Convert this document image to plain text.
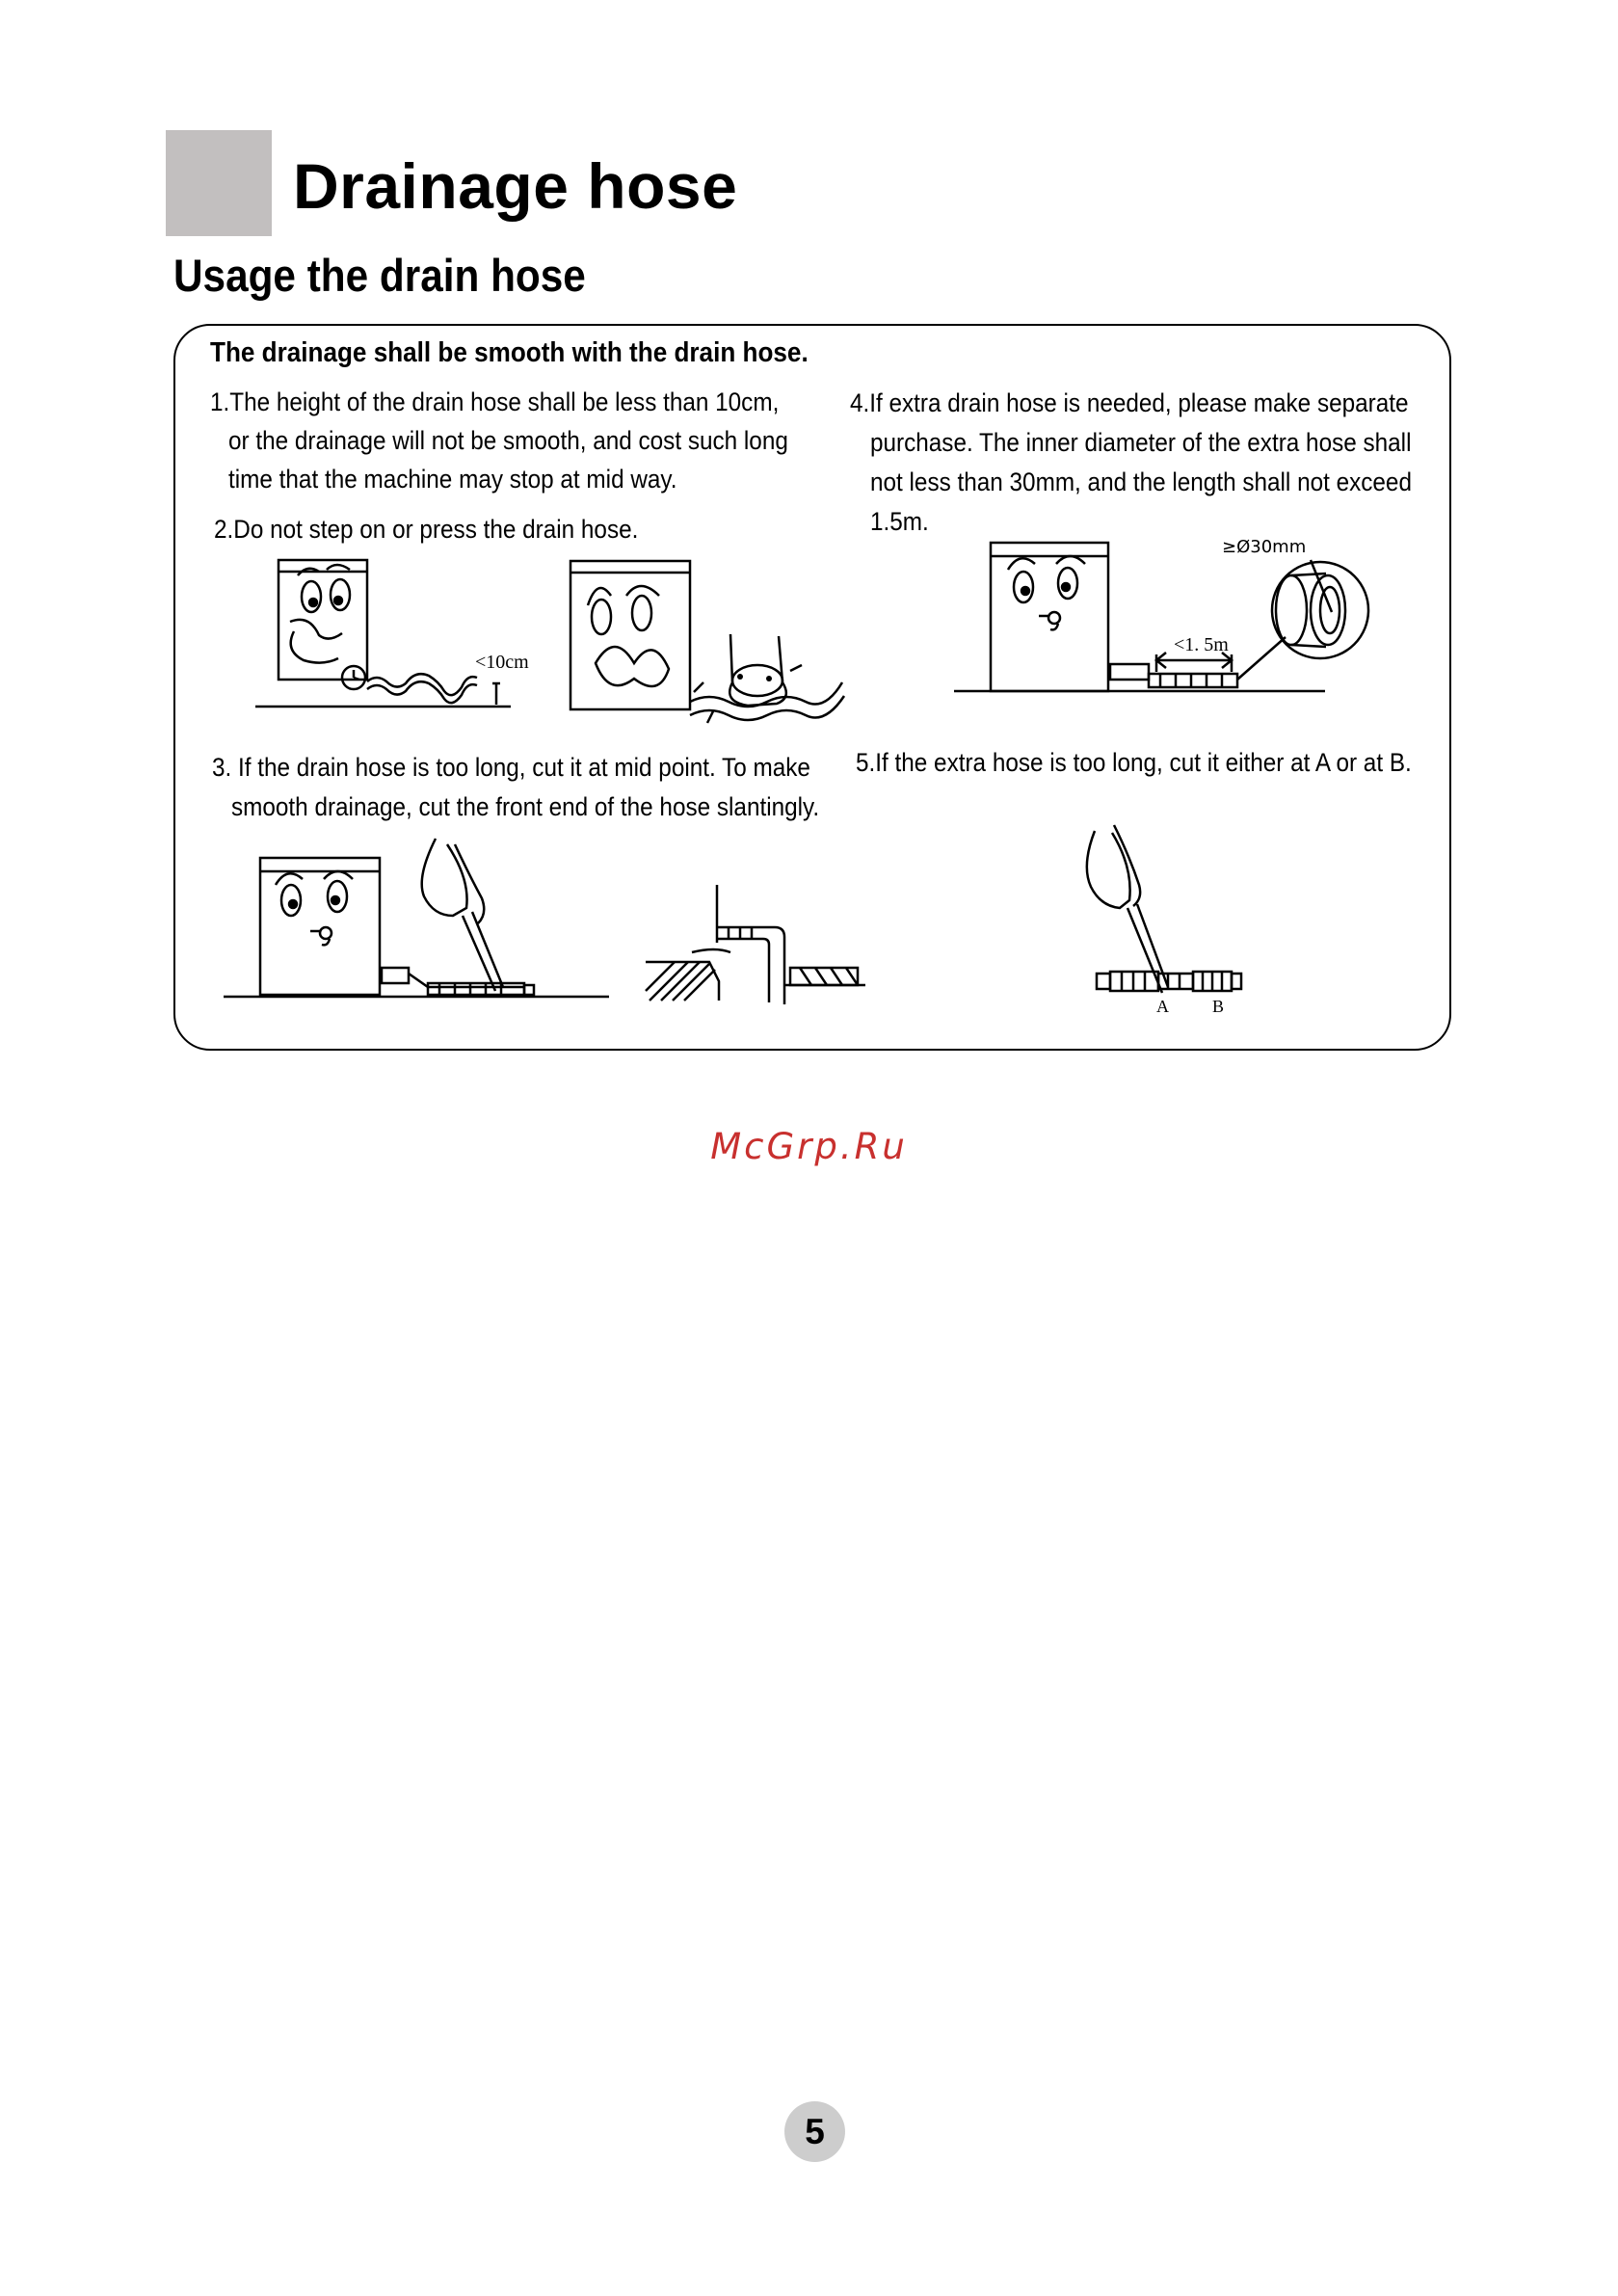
Drainage hose
Usage the drain hose
The drainage shall be smooth with the drain hose.
1.The height of the drain hose shall be less than 10cm,
or the drainage will not be smooth, and cost such long
time that the machine may stop at mid way.
2.Do not step on or press the drain hose.
4.If extra drain hose is needed, please make separate
purchase. The inner diameter of the extra hose shall
not less than 30mm, and the length shall not exceed
1.5m.
3. If the drain hose is too long, cut it at mid point. To make
smooth drainage, cut the front end of the hose slantingly.
5.If the extra hose is too long, cut it either at A or at B.
<10cm
<1. 5m
≥Ø30mm
A	B
McGrp.Ru
5
